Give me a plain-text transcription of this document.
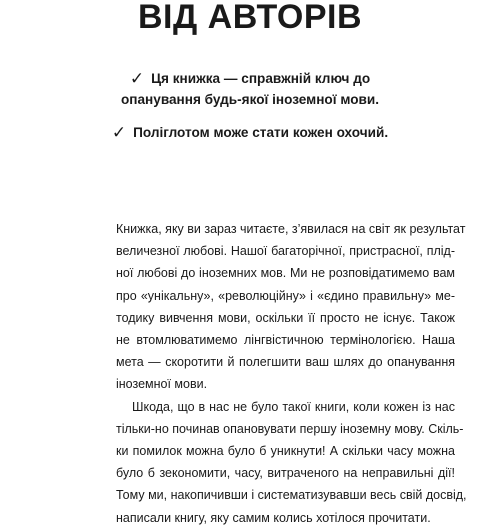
ВІД АВТОРІВ
✓ Ця книжка — справжній ключ до
опанування будь-якої іноземної мови.
✓ Поліглотом може стати кожен охочий.
Книжка, яку ви зараз читаєте, з’явилася на світ як результат
величезної любові. Нашої багаторічної, пристрасної, плід-
ної любові до іноземних мов. Ми не розповідатимемо вам
про «унікальну», «революційну» і «єдино правильну» ме-
тодику вивчення мови, оскільки її просто не існує. Також
не втомлюватимемо лінгвістичною термінологією. Наша
мета — скоротити й полегшити ваш шлях до опанування
іноземної мови.
Шкода, що в нас не було такої книги, коли кожен із нас
тільки-но починав опановувати першу іноземну мову. Скіль-
ки помилок можна було б уникнути! А скільки часу можна
було б зекономити, часу, витраченого на неправильні дії!
Тому ми, накопичивши і систематизувавши весь свій досвід,
написали книгу, яку самим колись хотілося прочитати.
